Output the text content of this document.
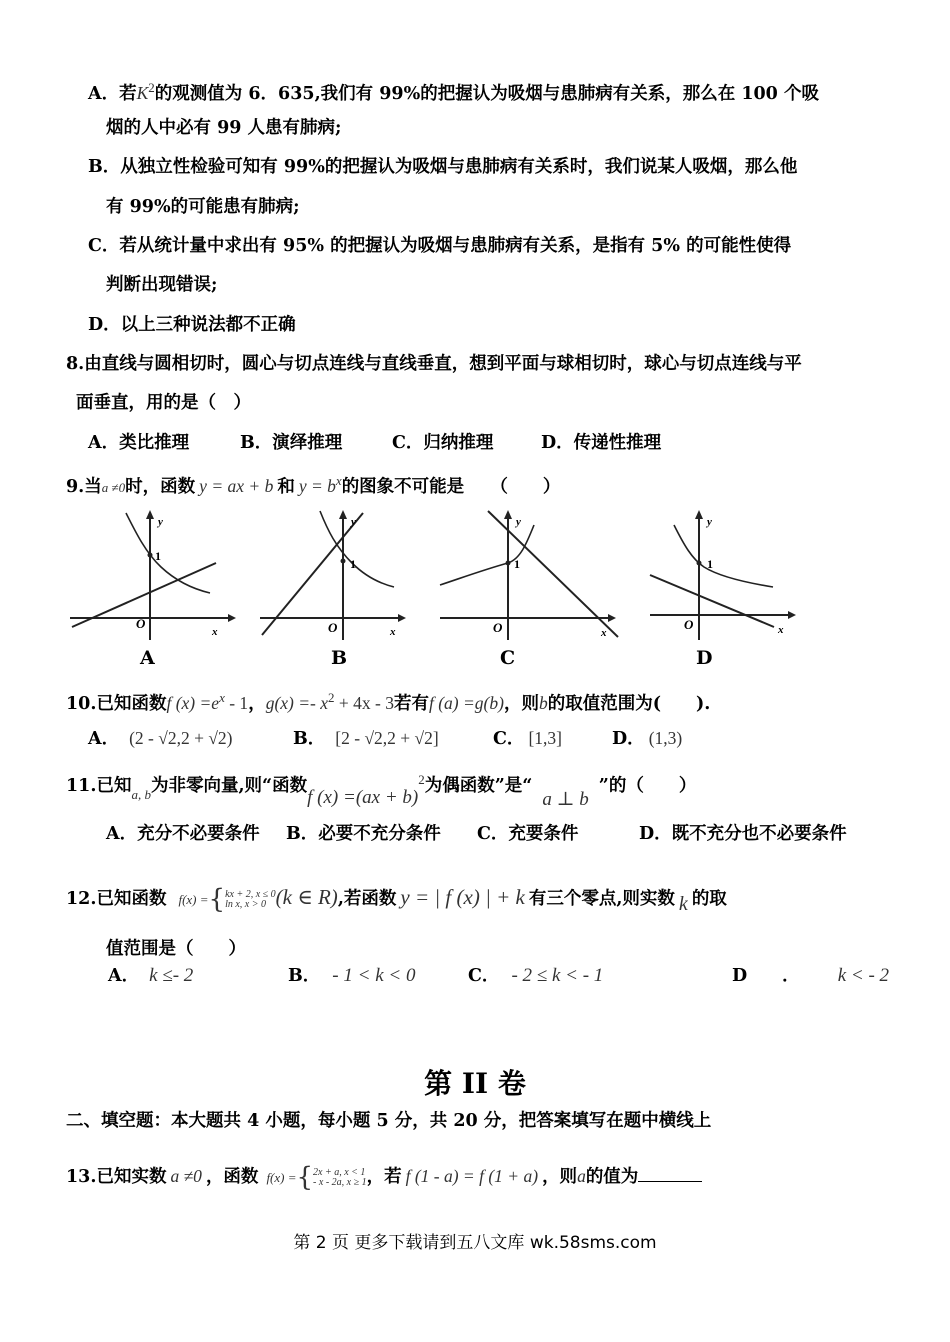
A．若$K^2$的观测值为 6．635,我们有 99%的把握认为吸烟与患肺病有关系，那么在 100 个吸
烟的人中必有 99 人患有肺病;
B．从独立性检验可知有 99%的把握认为吸烟与患肺病有关系时，我们说某人吸烟，那么他
有 99%的可能患有肺病;
C．若从统计量中求出有 95% 的把握认为吸烟与患肺病有关系，是指有 5% 的可能性使得
判断出现错误;
D．以上三种说法都不正确
8.由直线与圆相切时，圆心与切点连线与直线垂直，想到平面与球相切时，球心与切点连线与平
面垂直，用的是（　）
A．类比推理	B．演绎推理	C．归纳推理	D．传递性推理
9.当a ≠0时，函数 y = ax + b 和 $y = b^x$的图象不可能是　　（　　）
y
1
O
x
A
y
1
O	x
B
y
1
O	x
C
y
1
O	x
D
10.已知函数f $(x) =e^x - 1$，$g(x) =- x^2 + 4x - 3$若有f (a) =g(b)，则b的取值范围为(　　).
A． (2 - √2,2 + √2)	B． [2 - √2,2 + √2]	C． [1,3]	D． (1,3)
11.已知$_{a, b}$为非零向量,则“函数f (x) =(ax + b)$^2$为偶函数”是“a ⊥ b”的（　　）
A．充分不必要条件 B．必要不充分条件 C．充要条件	D．既不充分也不必要条件
12.已知函数 f(x) ={kx + 2, x ≤ 0
ln x, x > 0 (k ∈ R),若函数 y = | f (x) | + k 有三个零点,则实数 k 的取
值范围是（　　）
A． k ≤- 2	B． - 1 < k < 0	C． - 2 ≤ k < - 1	D　　． k < - 2
第 II 卷
二、填空题：本大题共 4 小题，每小题 5 分，共 20 分，把答案填写在题中横线上
13.已知实数 a ≠0 ，函数 f(x) ={2x + a, x < 1
- x - 2a, x ≥ 1，若 f (1 - a) = f (1 + a) ，则a的值为
第 2 页 更多下载请到五八文库 wk.58sms.com
